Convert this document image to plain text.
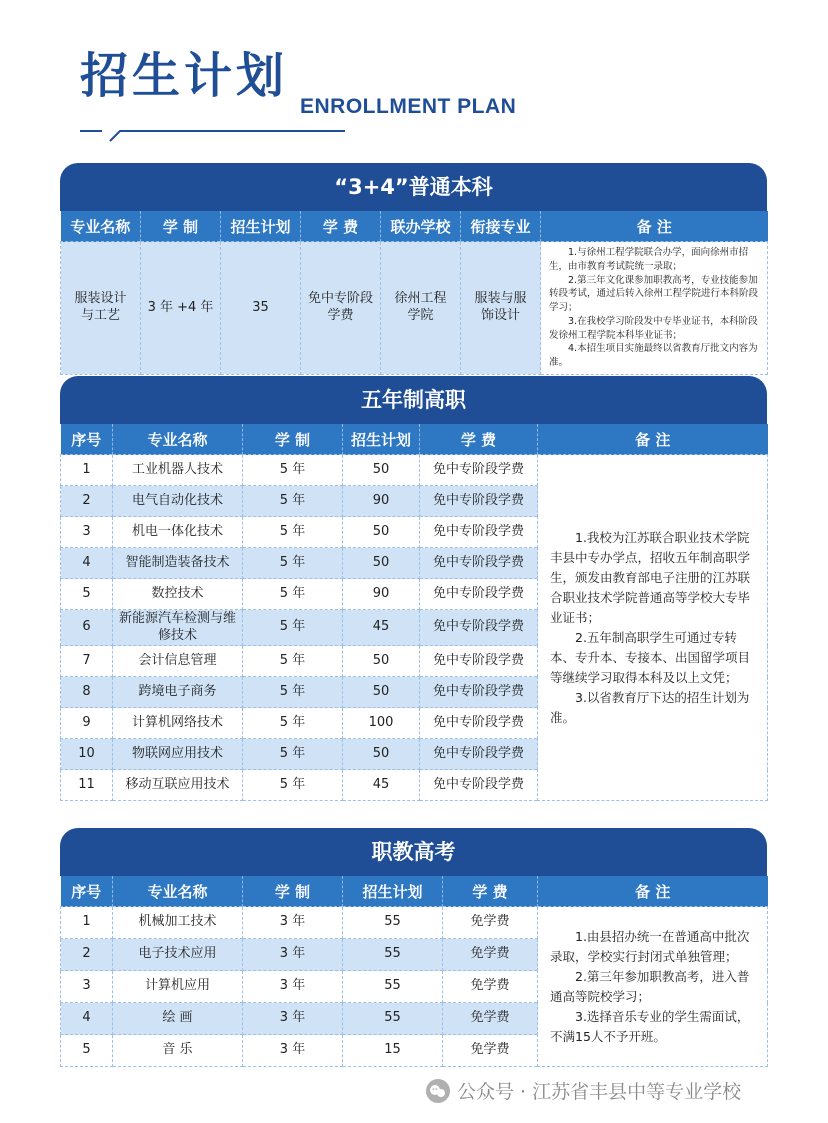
招生计划
ENROLLMENT PLAN
“3+4”普通本科
专业名称	学 制	招生计划	学 费	联办学校	衔接专业	备 注
服装设计与工艺	3 年 +4 年	35	免中专阶段学费	徐州工程学院	服装与服饰设计	1.与徐州工程学院联合办学，面向徐州市招生，由市教育考试院统一录取；

2.第三年文化课参加职教高考，专业技能参加转段考试，通过后转入徐州工程学院进行本科阶段学习；

3.在我校学习阶段发中专毕业证书，本科阶段发徐州工程学院本科毕业证书；

4.本招生项目实施最终以省教育厅批文内容为准。

五年制高职
序号	专业名称	学 制	招生计划	学 费	备 注
1	工业机器人技术	5 年	50	免中专阶段学费	1.我校为江苏联合职业技术学院丰县中专办学点，招收五年制高职学生，颁发由教育部电子注册的江苏联合职业技术学院普通高等学校大专毕业证书；

2.五年制高职学生可通过专转本、专升本、专接本、出国留学项目等继续学习取得本科及以上文凭；

3.以省教育厅下达的招生计划为准。

2	电气自动化技术	5 年	90	免中专阶段学费	
3	机电一体化技术	5 年	50	免中专阶段学费	
4	智能制造装备技术	5 年	50	免中专阶段学费	
5	数控技术	5 年	90	免中专阶段学费	
6	新能源汽车检测与维修技术	5 年	45	免中专阶段学费	
7	会计信息管理	5 年	50	免中专阶段学费	
8	跨境电子商务	5 年	50	免中专阶段学费	
9	计算机网络技术	5 年	100	免中专阶段学费	
10	物联网应用技术	5 年	50	免中专阶段学费	
11	移动互联应用技术	5 年	45	免中专阶段学费	
职教高考
序号	专业名称	学 制	招生计划	学 费	备 注
1	机械加工技术	3 年	55	免学费	1.由县招办统一在普通高中批次录取，学校实行封闭式单独管理；

2.第三年参加职教高考，进入普通高等院校学习；

3.选择音乐专业的学生需面试，不满15人不予开班。

2	电子技术应用	3 年	55	免学费	
3	计算机应用	3 年	55	免学费	
4	绘 画	3 年	55	免学费	
5	音 乐	3 年	15	免学费	
公众号 · 江苏省丰县中等专业学校
